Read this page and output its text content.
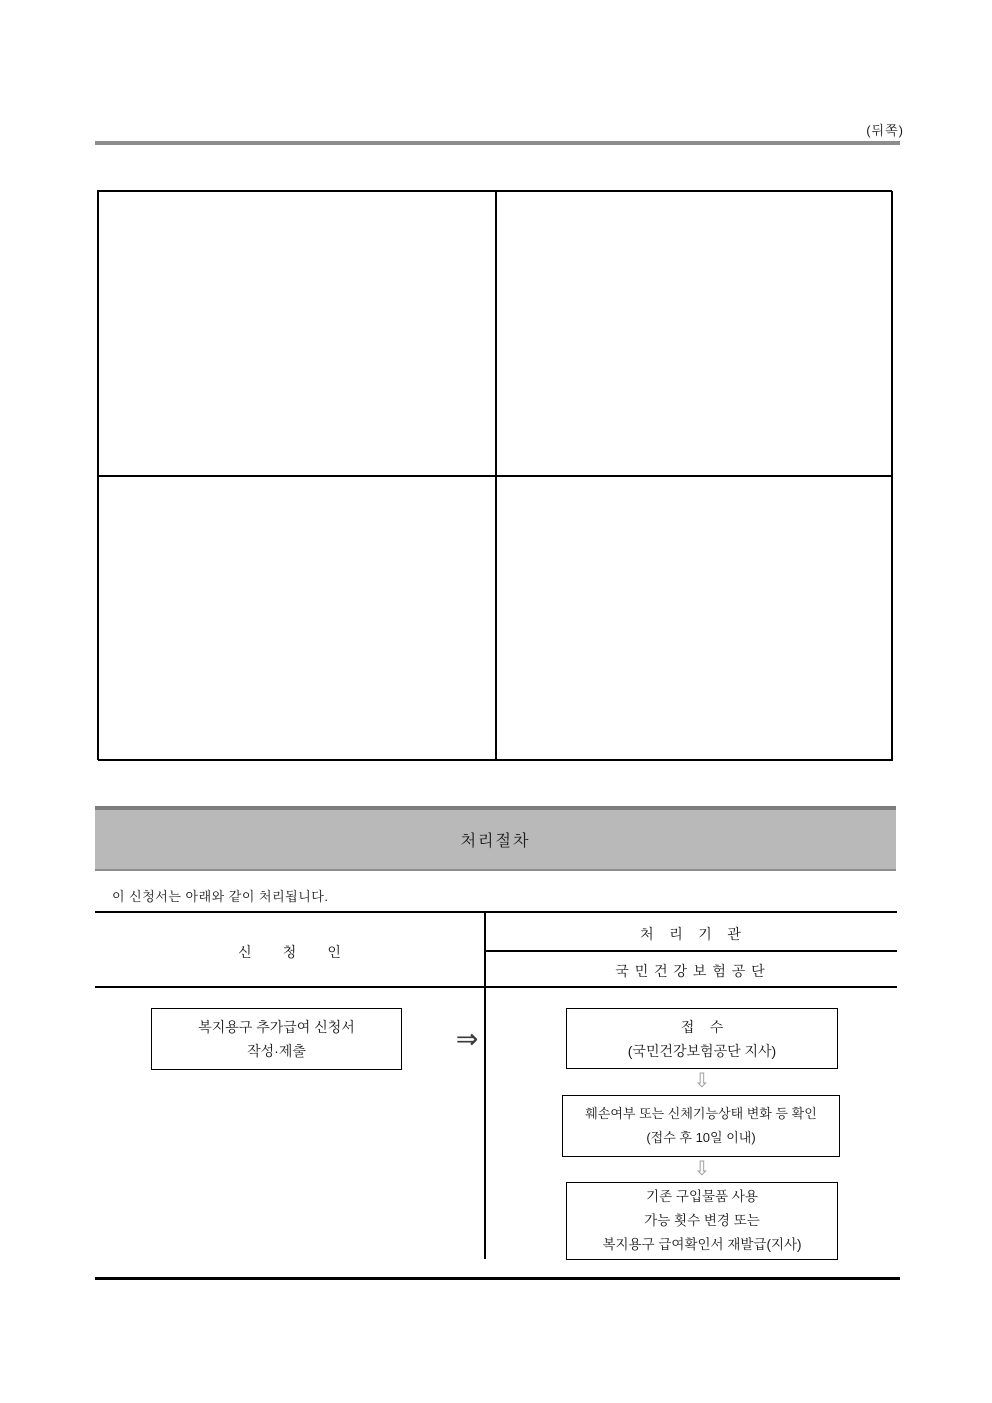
(뒤쪽)
처리절차
이 신청서는 아래와 같이 처리됩니다.
신        청        인
처    리    기    관
국 민 건 강 보 험 공 단
복지용구 추가급여 신청서
작성·제출	⇒	접    수
(국민건강보험공단 지사)
⇩
훼손여부 또는 신체기능상태 변화 등 확인
(접수 후 10일 이내)
⇩
기존 구입물품 사용
가능 횟수 변경 또는
복지용구 급여확인서 재발급(지사)
